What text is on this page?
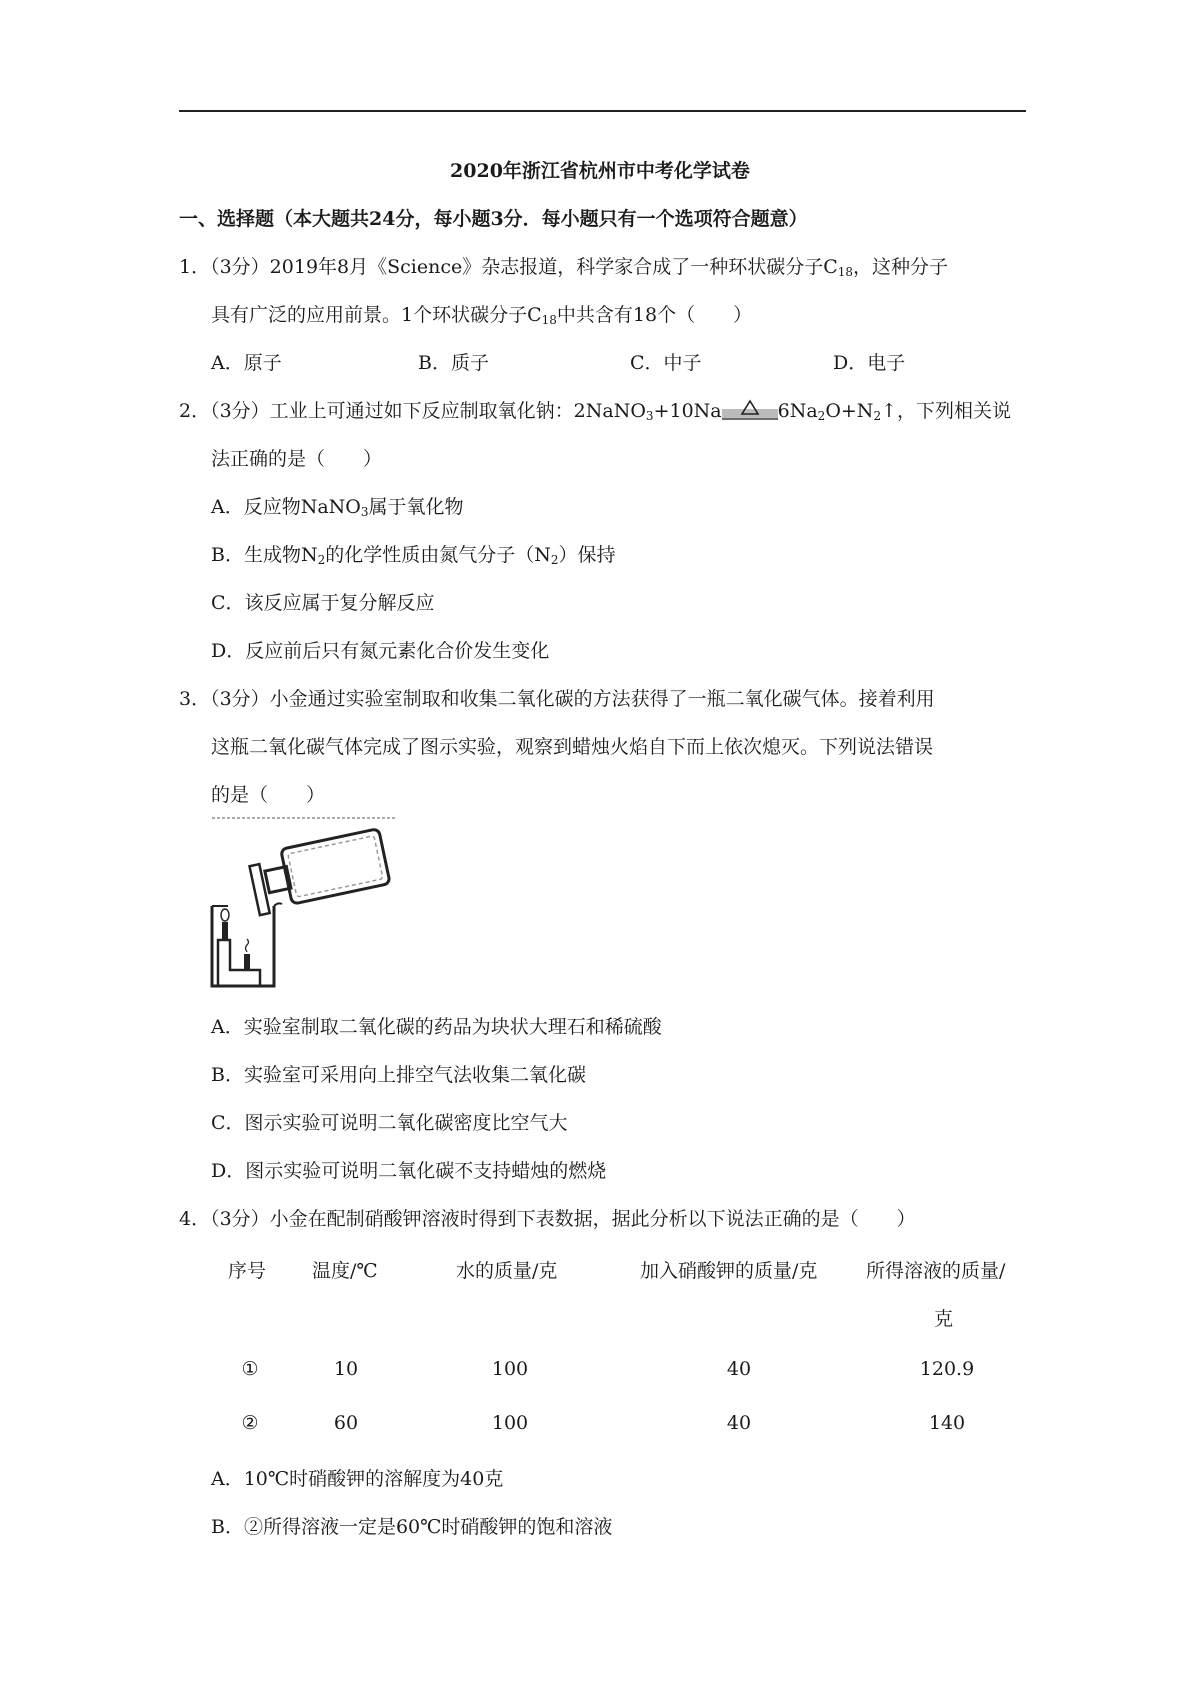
2020年浙江省杭州市中考化学试卷
一、选择题（本大题共24分，每小题3分．每小题只有一个选项符合题意）
1．（3分）2019年8月《Science》杂志报道，科学家合成了一种环状碳分子$C_{18}$，这种分子
具有广泛的应用前景。1个环状碳分子$C_{18}$中共含有18个（　　）
A．原子	B．质子	C．中子	D．电子
2．（3分）工业上可通过如下反应制取氧化钠：2NaNO$_3$+10Na	$6Na_2O+N_2↑$，下列相关说
法正确的是（　　）
A．反应物NaNO$_3$属于氧化物
B．生成物$N_2$的化学性质由氮气分子$(N_2)$保持
C．该反应属于复分解反应
D．反应前后只有氮元素化合价发生变化
3．（3分）小金通过实验室制取和收集二氧化碳的方法获得了一瓶二氧化碳气体。接着利用
这瓶二氧化碳气体完成了图示实验，观察到蜡烛火焰自下而上依次熄灭。下列说法错误
的是（　　）
A．实验室制取二氧化碳的药品为块状大理石和稀硫酸
B．实验室可采用向上排空气法收集二氧化碳
C．图示实验可说明二氧化碳密度比空气大
D．图示实验可说明二氧化碳不支持蜡烛的燃烧
4．（3分）小金在配制硝酸钾溶液时得到下表数据，据此分析以下说法正确的是（　　）
序号 温度/℃	水的质量/克	加入硝酸钾的质量/克	所得溶液的质量/
克
①	10	100	40	120.9
②	60	100	40	140
A．10℃时硝酸钾的溶解度为40克
B．②所得溶液一定是60℃时硝酸钾的饱和溶液
